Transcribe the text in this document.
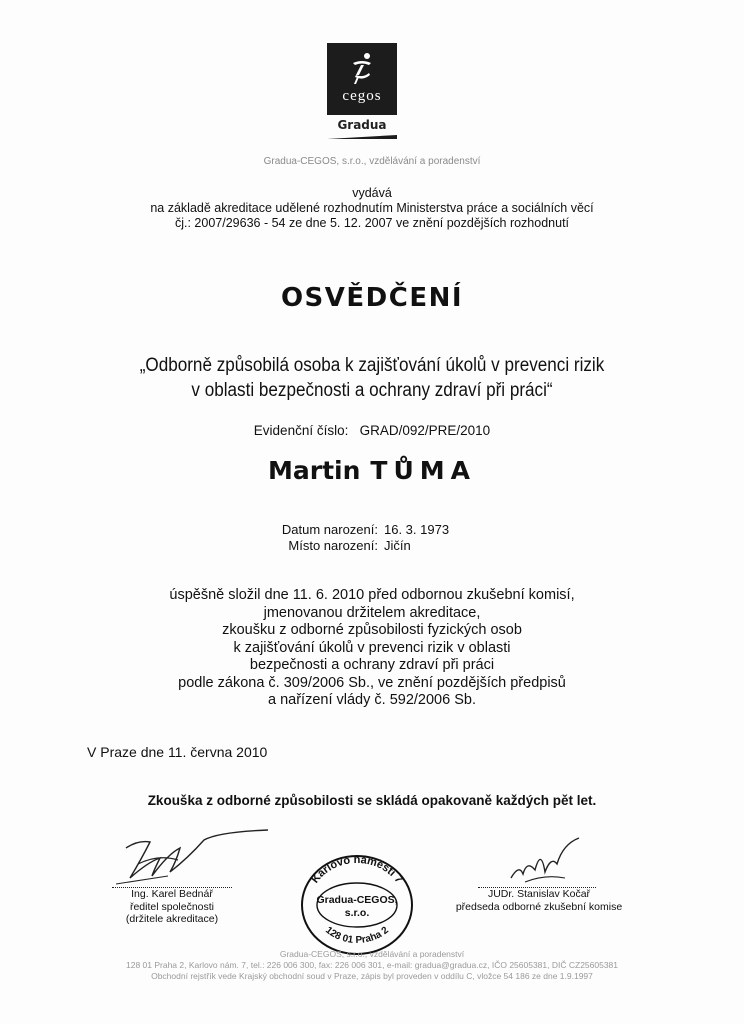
cegos
Gradua
Gradua-CEGOS, s.r.o., vzdělávání a poradenství
vydává
na základě akreditace udělené rozhodnutím Ministerstva práce a sociálních věcí
čj.: 2007/29636 - 54 ze dne 5. 12. 2007 ve znění pozdějších rozhodnutí
OSVĚDČENÍ
„Odborně způsobilá osoba k zajišťování úkolů v prevenci rizik
v oblasti bezpečnosti a ochrany zdraví při práci“
Evidenční číslo: GRAD/092/PRE/2010
Martin TŮMA
Datum narození: 16. 3. 1973
Místo narození: Jičín
úspěšně složil dne 11. 6. 2010 před odbornou zkušební komisí,
jmenovanou držitelem akreditace,
zkoušku z odborné způsobilosti fyzických osob
k zajišťování úkolů v prevenci rizik v oblasti
bezpečnosti a ochrany zdraví při práci
podle zákona č. 309/2006 Sb., ve znění pozdějších předpisů
a nařízení vlády č. 592/2006 Sb.
V Praze dne 11. června 2010
Zkouška z odborné způsobilosti se skládá opakovaně každých pět let.
Ing. Karel Bednář
ředitel společnosti
(držitele akreditace)
Karlovo náměstí 7
Gradua-CEGOS,
s.r.o.
128 01 Praha 2
JUDr. Stanislav Kočař
předseda odborné zkušební komise
Gradua-CEGOS, s.r.o., vzdělávání a poradenství
128 01 Praha 2, Karlovo nám. 7, tel.: 226 006 300, fax: 226 006 301, e-mail: gradua@gradua.cz, IČO 25605381, DIČ CZ25605381
Obchodní rejstřík vede Krajský obchodní soud v Praze, zápis byl proveden v oddílu C, vložce 54 186 ze dne 1.9.1997
